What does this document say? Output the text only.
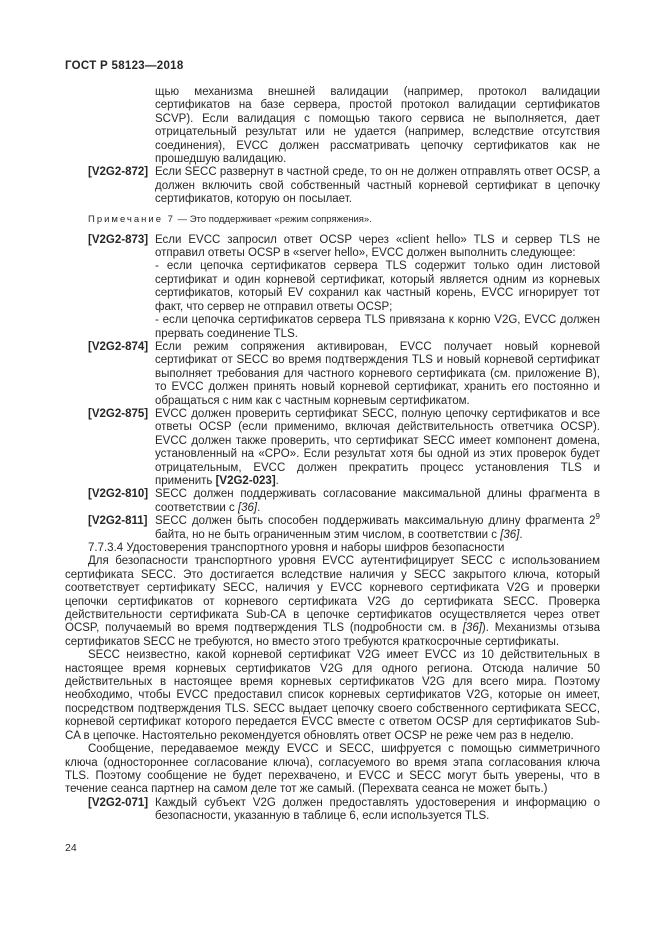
ГОСТ Р 58123—2018

щью механизма внешней валидации (например, протокол валидации сертификатов на базе сервера, простой протокол валидации сертификатов SCVP). Если валидация с помощью такого сервиса не выполняется, дает отрицательный результат или не удается (например, вследствие отсутствия соединения), EVCC должен рассматривать цепочку сертификатов как не прошедшую валидацию.

[V2G2-872] Если SECC развернут в частной среде, то он не должен отправлять ответ OCSP, а должен включить свой собственный частный корневой сертификат в цепочку сертификатов, которую он посылает.
Примечание 7 — Это поддерживает «режим сопряжения».
[V2G2-873] Если EVCC запросил ответ OCSP через «client hello» TLS и сервер TLS не отправил ответы OCSP в «server hello», EVCC должен выполнить следующее:
- если цепочка сертификатов сервера TLS содержит только один листовой сертификат и один корневой сертификат, который является одним из корневых сертификатов, который EV сохранил как частный корень, EVCC игнорирует тот факт, что сервер не отправил ответы OCSP;
- если цепочка сертификатов сервера TLS привязана к корню V2G, EVCC должен прервать соединение TLS.
[V2G2-874] Если режим сопряжения активирован, EVCC получает новый корневой сертификат от SECC во время подтверждения TLS и новый корневой сертификат выполняет требования для частного корневого сертификата (см. приложение В), то EVCC должен принять новый корневой сертификат, хранить его постоянно и обращаться с ним как с частным корневым сертификатом.
[V2G2-875] EVCC должен проверить сертификат SECC, полную цепочку сертификатов и все ответы OCSP (если применимо, включая действительность ответчика OCSP). EVCC должен также проверить, что сертификат SECC имеет компонент домена, установленный на «CPO». Если результат хотя бы одной из этих проверок будет отрицательным, EVCC должен прекратить процесс установления TLS и применить [V2G2-023].
[V2G2-810] SECC должен поддерживать согласование максимальной длины фрагмента в соответствии с [36].
[V2G2-811] SECC должен быть способен поддерживать максимальную длину фрагмента $2^9$ байта, но не быть ограниченным этим числом, в соответствии с [36].

7.7.3.4 Удостоверения транспортного уровня и наборы шифров безопасности

Для безопасности транспортного уровня EVCC аутентифицирует SECC с использованием сертификата SECC. Это достигается вследствие наличия у SECC закрытого ключа, который соответствует сертификату SECC, наличия у EVCC корневого сертификата V2G и проверки цепочки сертификатов от корневого сертификата V2G до сертификата SECC. Проверка действительности сертификата Sub-CA в цепочке сертификатов осуществляется через ответ OCSP, получаемый во время подтверждения TLS (подробности см. в [36]). Механизмы отзыва сертификатов SECC не требуются, но вместо этого требуются краткосрочные сертификаты.

SECC неизвестно, какой корневой сертификат V2G имеет EVCC из 10 действительных в настоящее время корневых сертификатов V2G для одного региона. Отсюда наличие 50 действительных в настоящее время корневых сертификатов V2G для всего мира. Поэтому необходимо, чтобы EVCC предоставил список корневых сертификатов V2G, которые он имеет, посредством подтверждения TLS. SECC выдает цепочку своего собственного сертификата SECC, корневой сертификат которого передается EVCC вместе с ответом OCSP для сертификатов Sub-CA в цепочке. Настоятельно рекомендуется обновлять ответ OCSP не реже чем раз в неделю.

Сообщение, передаваемое между EVCC и SECC, шифруется с помощью симметричного ключа (одностороннее согласование ключа), согласуемого во время этапа согласования ключа TLS. Поэтому сообщение не будет перехвачено, и EVCC и SECC могут быть уверены, что в течение сеанса партнер на самом деле тот же самый. (Перехвата сеанса не может быть.)

[V2G2-071] Каждый субъект V2G должен предоставлять удостоверения и информацию о безопасности, указанную в таблице 6, если используется TLS.
24
